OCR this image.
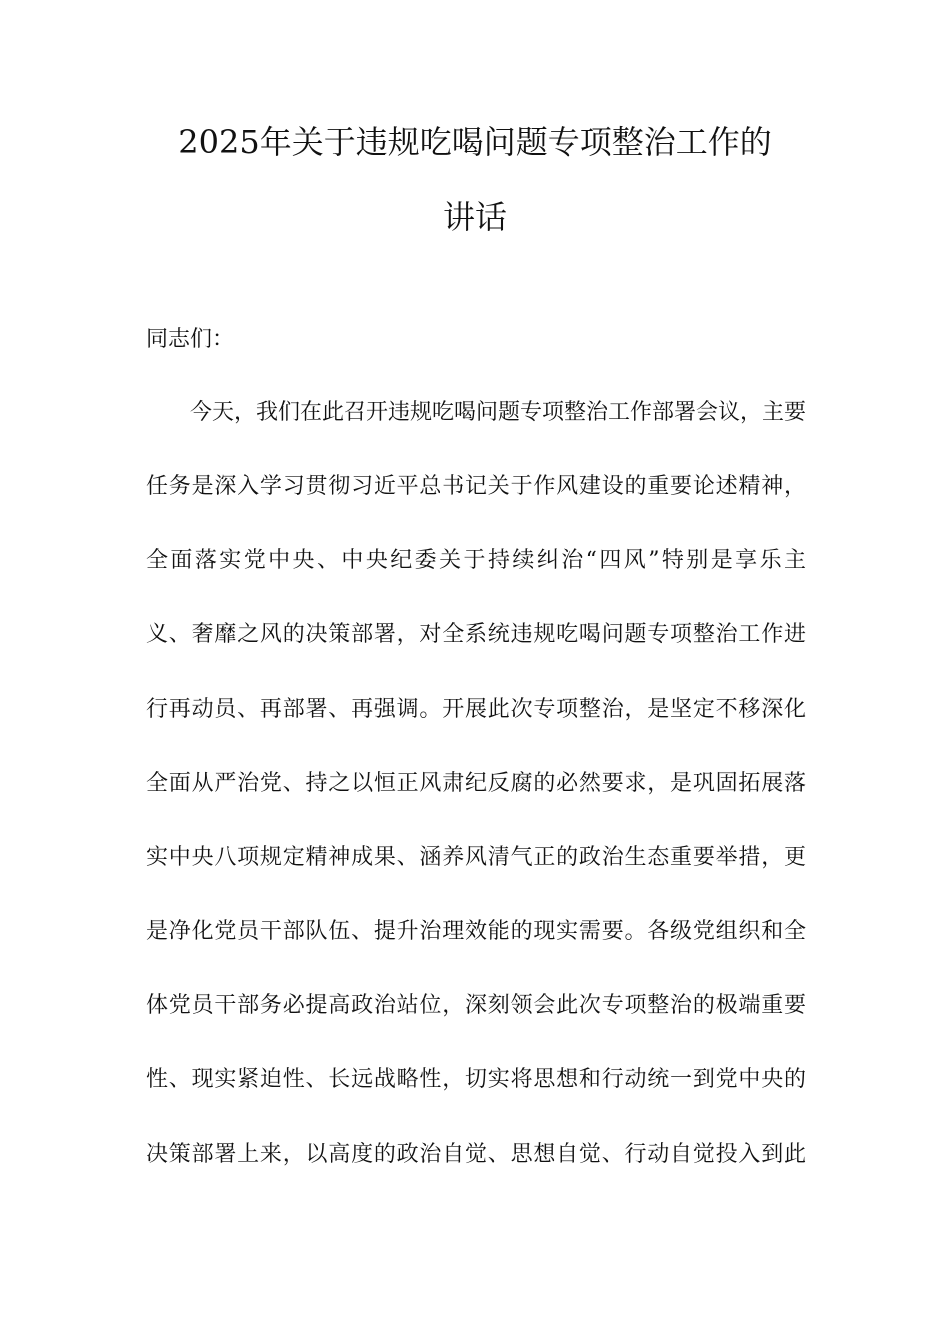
2025年关于违规吃喝问题专项整治工作的
讲话
同志们：
　　今天，我们在此召开违规吃喝问题专项整治工作部署会议，主要
任务是深入学习贯彻习近平总书记关于作风建设的重要论述精神，
全面落实党中央、中央纪委关于持续纠治“四风”特别是享乐主
义、奢靡之风的决策部署，对全系统违规吃喝问题专项整治工作进
行再动员、再部署、再强调。开展此次专项整治，是坚定不移深化
全面从严治党、持之以恒正风肃纪反腐的必然要求，是巩固拓展落
实中央八项规定精神成果、涵养风清气正的政治生态重要举措，更
是净化党员干部队伍、提升治理效能的现实需要。各级党组织和全
体党员干部务必提高政治站位，深刻领会此次专项整治的极端重要
性、现实紧迫性、长远战略性，切实将思想和行动统一到党中央的
决策部署上来，以高度的政治自觉、思想自觉、行动自觉投入到此
